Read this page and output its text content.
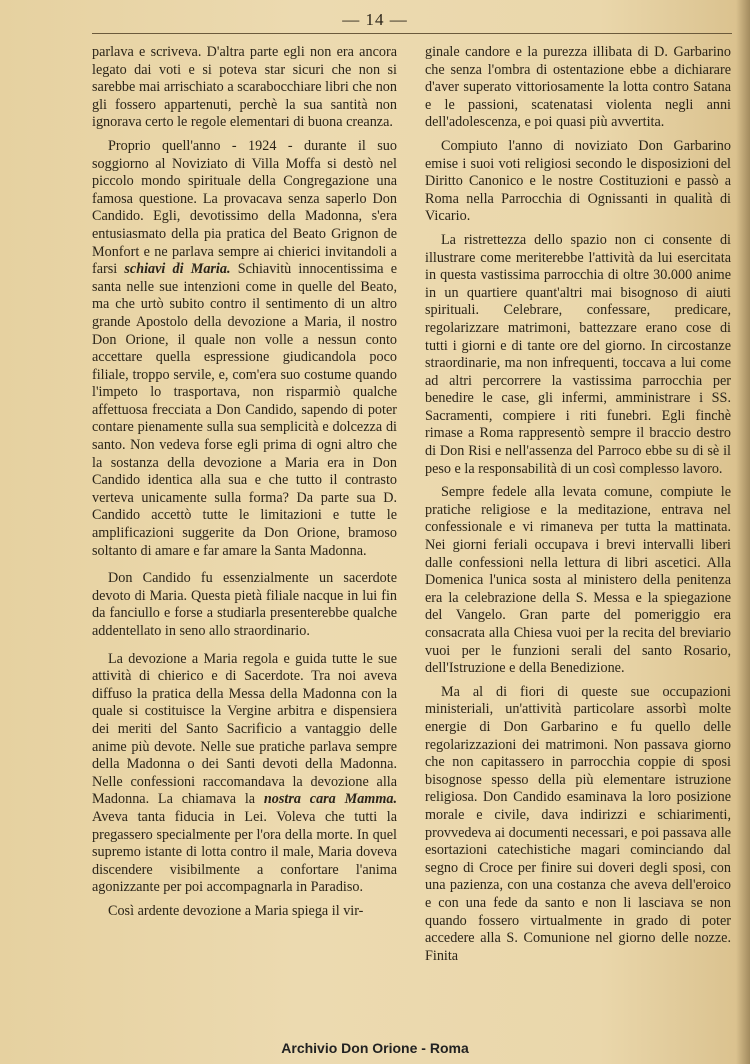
— 14 —

parlava e scriveva. D'altra parte egli non era ancora legato dai voti e si poteva star sicuri che non si sarebbe mai arrischiato a scarabocchiare libri che non gli fossero appartenuti, perchè la sua santità non ignorava certo le regole elementari di buona creanza.

Proprio quell'anno - 1924 - durante il suo soggiorno al Noviziato di Villa Moffa si destò nel piccolo mondo spirituale della Congregazione una famosa questione. La provacava senza saperlo Don Candido. Egli, devotissimo della Madonna, s'era entusiasmato della pia pratica del Beato Grignon de Monfort e ne parlava sempre ai chierici invitandoli a farsi schiavi di Maria. Schiavitù innocentissima e santa nelle sue intenzioni come in quelle del Beato, ma che urtò subito contro il sentimento di un altro grande Apostolo della devozione a Maria, il nostro Don Orione, il quale non volle a nessun conto accettare quella espressione giudicandola poco filiale, troppo servile, e, com'era suo costume quando l'impeto lo trasportava, non risparmiò qualche affettuosa frecciata a Don Candido, sapendo di poter contare pienamente sulla sua semplicità e dolcezza di santo. Non vedeva forse egli prima di ogni altro che la sostanza della devozione a Maria era in Don Candido identica alla sua e che tutto il contrasto verteva unicamente sulla forma? Da parte sua D. Candido accettò tutte le limitazioni e tutte le amplificazioni suggerite da Don Orione, bramoso soltanto di amare e far amare la Santa Madonna.

Don Candido fu essenzialmente un sacerdote devoto di Maria. Questa pietà filiale nacque in lui fin da fanciullo e forse a studiarla presenterebbe qualche addentellato in seno allo straordinario.

La devozione a Maria regola e guida tutte le sue attività di chierico e di Sacerdote. Tra noi aveva diffuso la pratica della Messa della Madonna con la quale si costituisce la Vergine arbitra e dispensiera dei meriti del Santo Sacrificio a vantaggio delle anime più devote. Nelle sue pratiche parlava sempre della Madonna o dei Santi devoti della Madonna. Nelle confessioni raccomandava la devozione alla Madonna. La chiamava la nostra cara Mamma. Aveva tanta fiducia in Lei. Voleva che tutti la pregassero specialmente per l'ora della morte. In quel supremo istante di lotta contro il male, Maria doveva discendere visibilmente a confortare l'anima agonizzante per poi accompagnarla in Paradiso.

Così ardente devozione a Maria spiega il vir-

ginale candore e la purezza illibata di D. Garbarino che senza l'ombra di ostentazione ebbe a dichiarare d'aver superato vittoriosamente la lotta contro Satana e le passioni, scatenatasi violenta negli anni dell'adolescenza, e poi quasi più avvertita.

Compiuto l'anno di noviziato Don Garbarino emise i suoi voti religiosi secondo le disposizioni del Diritto Canonico e le nostre Costituzioni e passò a Roma nella Parrocchia di Ognissanti in qualità di Vicario.

La ristrettezza dello spazio non ci consente di illustrare come meriterebbe l'attività da lui esercitata in questa vastissima parrocchia di oltre 30.000 anime in un quartiere quant'altri mai bisognoso di aiuti spirituali. Celebrare, confessare, predicare, regolarizzare matrimoni, battezzare erano cose di tutti i giorni e di tante ore del giorno. In circostanze straordinarie, ma non infrequenti, toccava a lui come ad altri percorrere la vastissima parrocchia per benedire le case, gli infermi, amministrare i SS. Sacramenti, compiere i riti funebri. Egli finchè rimase a Roma rappresentò sempre il braccio destro di Don Risi e nell'assenza del Parroco ebbe su di sè il peso e la responsabilità di un così complesso lavoro.

Sempre fedele alla levata comune, compiute le pratiche religiose e la meditazione, entrava nel confessionale e vi rimaneva per tutta la mattinata. Nei giorni feriali occupava i brevi intervalli liberi dalle confessioni nella lettura di libri ascetici. Alla Domenica l'unica sosta al ministero della penitenza era la celebrazione della S. Messa e la spiegazione del Vangelo. Gran parte del pomeriggio era consacrata alla Chiesa vuoi per la recita del breviario vuoi per le funzioni serali del santo Rosario, dell'Istruzione e della Benedizione.

Ma al di fiori di queste sue occupazioni ministeriali, un'attività particolare assorbì molte energie di Don Garbarino e fu quello delle regolarizzazioni dei matrimoni. Non passava giorno che non capitassero in parrocchia coppie di sposi bisognose spesso della più elementare istruzione religiosa. Don Candido esaminava la loro posizione morale e civile, dava indirizzi e schiarimenti, provvedeva ai documenti necessari, e poi passava alle esortazioni catechistiche magari cominciando dal segno di Croce per finire sui doveri degli sposi, con una pazienza, con una costanza che aveva dell'eroico e con una fede da santo e non li lasciava se non quando fossero virtualmente in grado di poter accedere alla S. Comunione nel giorno delle nozze. Finita

Archivio Don Orione - Roma
